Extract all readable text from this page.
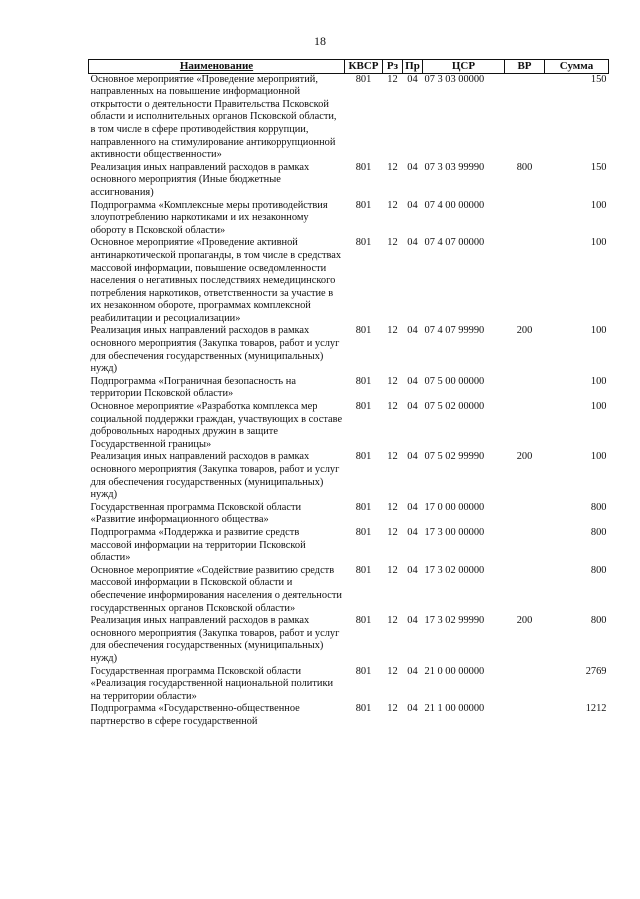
18
Наименование	КВСР	Рз	Пр	ЦСР	ВР	Сумма
Основное мероприятие «Проведение мероприятий, направленных на повышение информационной открытости о деятельности Правительства Псковской области и исполнительных органов Псковской области, в том числе в сфере противодействия коррупции, направленного на стимулирование антикоррупционной активности общественности»	801	12	04	07 3 03 00000		150
Реализация иных направлений расходов в рамках основного мероприятия (Иные бюджетные ассигнования)	801	12	04	07 3 03 99990	800	150
Подпрограмма «Комплексные меры противодействия злоупотреблению наркотиками и их незаконному обороту в Псковской области»	801	12	04	07 4 00 00000		100
Основное мероприятие «Проведение активной антинаркотической пропаганды, в том числе в средствах массовой информации, повышение осведомленности населения о негативных последствиях немедицинского потребления наркотиков, ответственности за участие в их незаконном обороте, программах комплексной реабилитации и ресоциализации»	801	12	04	07 4 07 00000		100
Реализация иных направлений расходов в рамках основного мероприятия (Закупка товаров, работ и услуг для обеспечения государственных (муниципальных) нужд)	801	12	04	07 4 07 99990	200	100
Подпрограмма «Пограничная безопасность на территории Псковской области»	801	12	04	07 5 00 00000		100
Основное мероприятие «Разработка комплекса мер социальной поддержки граждан, участвующих в составе добровольных народных дружин в защите Государственной границы»	801	12	04	07 5 02 00000		100
Реализация иных направлений расходов в рамках основного мероприятия (Закупка товаров, работ и услуг для обеспечения государственных (муниципальных) нужд)	801	12	04	07 5 02 99990	200	100
Государственная программа Псковской области «Развитие информационного общества»	801	12	04	17 0 00 00000		800
Подпрограмма «Поддержка и развитие средств массовой информации на территории Псковской области»	801	12	04	17 3 00 00000		800
Основное мероприятие «Содействие развитию средств массовой информации в Псковской области и обеспечение информирования населения о деятельности государственных органов Псковской области»	801	12	04	17 3 02 00000		800
Реализация иных направлений расходов в рамках основного мероприятия (Закупка товаров, работ и услуг для обеспечения государственных (муниципальных) нужд)	801	12	04	17 3 02 99990	200	800
Государственная программа Псковской области «Реализация государственной национальной политики на территории области»	801	12	04	21 0 00 00000		2769
Подпрограмма «Государственно-общественное партнерство в сфере государственной	801	12	04	21 1 00 00000		1212
